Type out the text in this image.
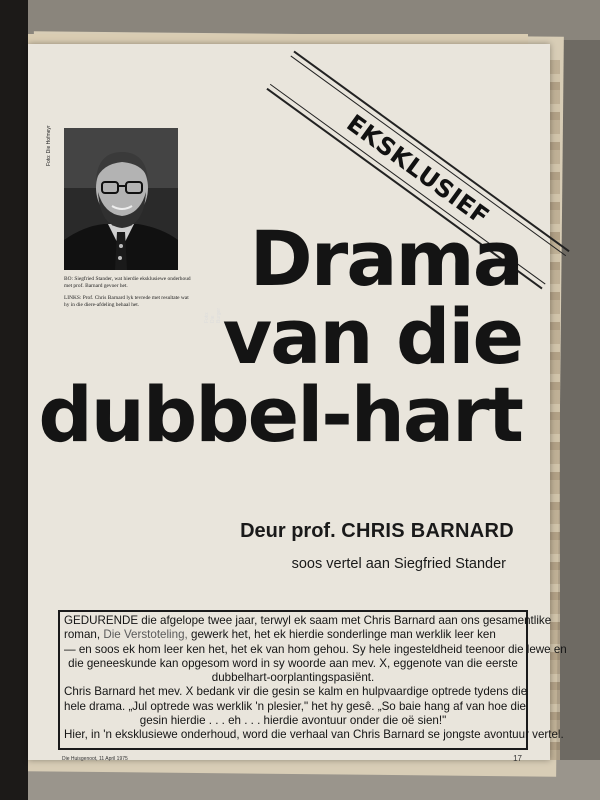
Foto: Die Hofmeyr
Foto: Die Burger

BO: Siegfried Stander, wat hierdie eksklusiewe onderhoud met prof. Barnard gevoer het.

LINKS: Prof. Chris Barnard lyk tevrede met resultate wat hy in die diere-afdeling behaal het.

EKSKLUSIEF
Drama
van die
dubbel-hart
Deur prof. CHRIS BARNARD
soos vertel aan Siegfried Stander
GEDURENDE die afgelope twee jaar, terwyl ek saam met Chris Barnard aan ons gesamentlike
roman, Die Verstoteling, gewerk het, het ek hierdie sonderlinge man werklik leer ken
— en soos ek hom leer ken het, het ek van hom gehou. Sy hele ingesteldheid teenoor die lewe en
die geneeskunde kan opgesom word in sy woorde aan mev. X, eggenote van die eerste
dubbelhart-oorplantingspasiënt.
Chris Barnard het mev. X bedank vir die gesin se kalm en hulpvaardige optrede tydens die
hele drama. „Jul optrede was werklik 'n plesier," het hy gesê. „So baie hang af van hoe die
gesin hierdie . . . eh . . . hierdie avontuur onder die oë sien!"
Hier, in 'n eksklusiewe onderhoud, word die verhaal van Chris Barnard se jongste avontuur vertel.
Die Huisgenoot, 11 April 1975	17
